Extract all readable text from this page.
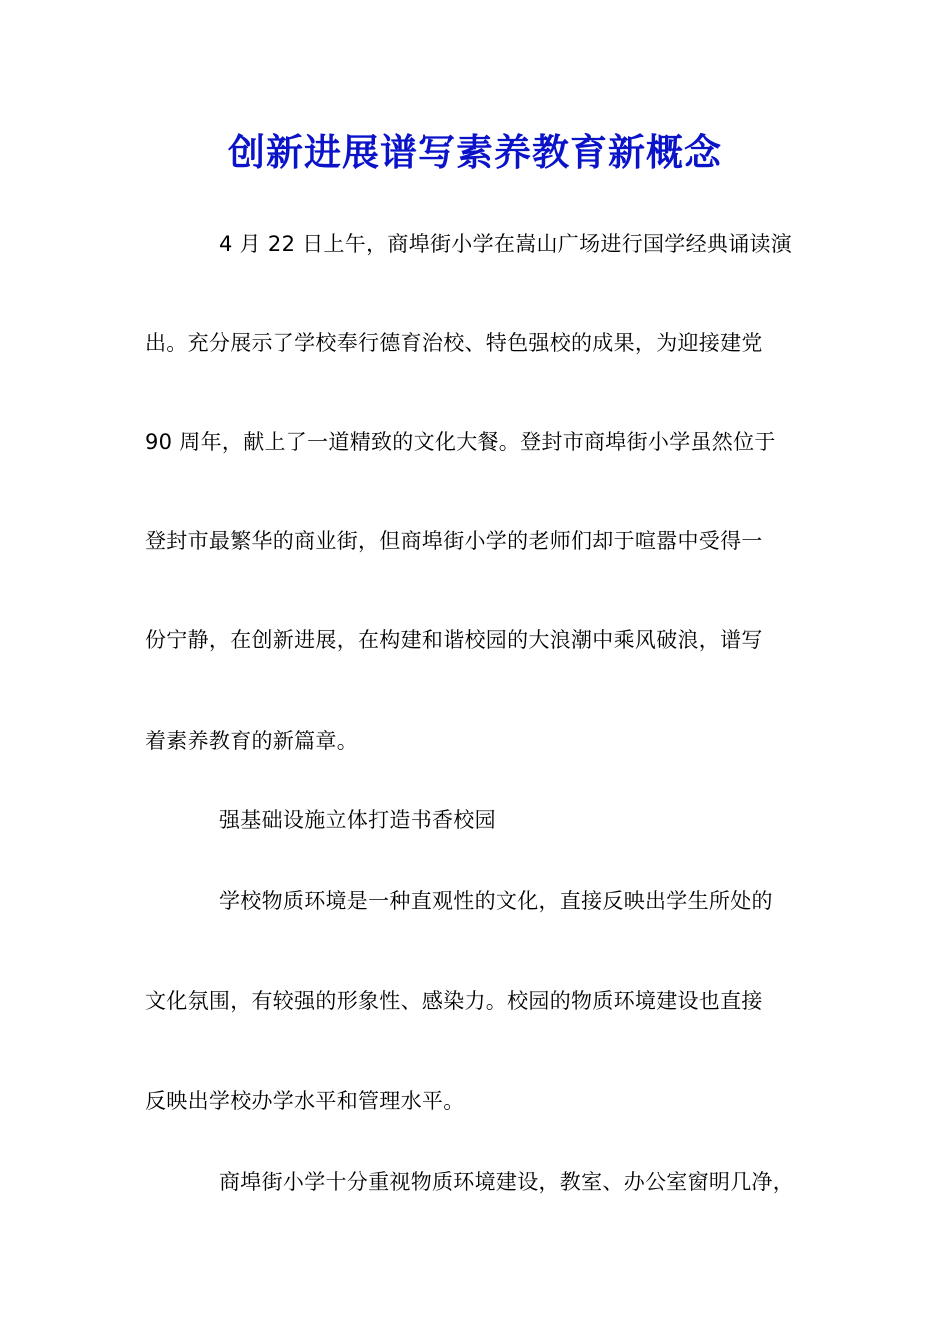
创新进展谱写素养教育新概念
4 月 22 日上午，商埠街小学在嵩山广场进行国学经典诵读演
出。充分展示了学校奉行德育治校、特色强校的成果，为迎接建党
90 周年，献上了一道精致的文化大餐。登封市商埠街小学虽然位于
登封市最繁华的商业街，但商埠街小学的老师们却于喧嚣中受得一
份宁静，在创新进展，在构建和谐校园的大浪潮中乘风破浪，谱写
着素养教育的新篇章。
强基础设施立体打造书香校园
学校物质环境是一种直观性的文化，直接反映出学生所处的
文化氛围，有较强的形象性、感染力。校园的物质环境建设也直接
反映出学校办学水平和管理水平。
商埠街小学十分重视物质环境建设，教室、办公室窗明几净，
